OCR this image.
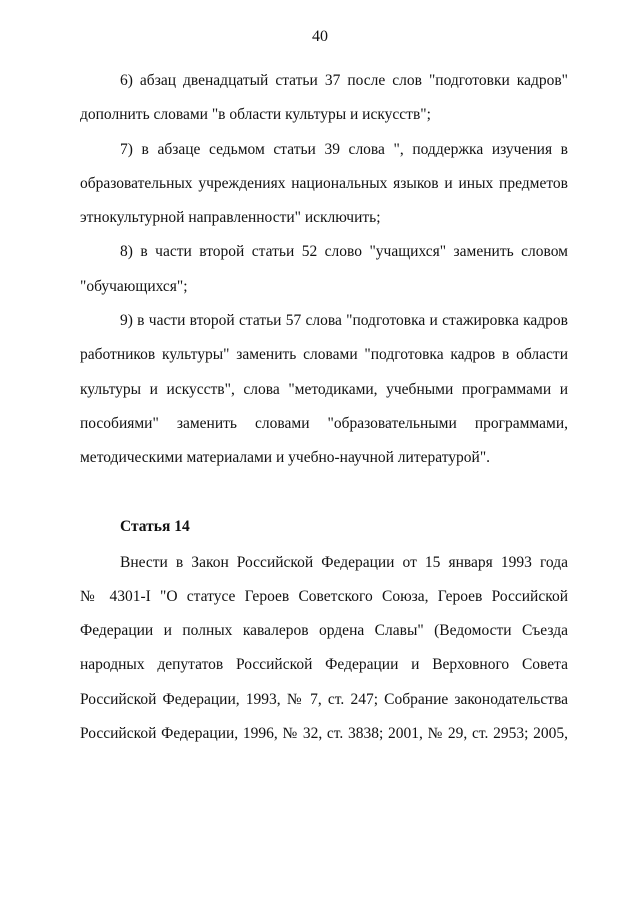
40
6) абзац двенадцатый статьи 37 после слов "подготовки кадров"
дополнить словами "в области культуры и искусств";
7) в абзаце седьмом статьи 39 слова ", поддержка изучения в
образовательных учреждениях национальных языков и иных предметов
этнокультурной направленности" исключить;
8) в части второй статьи 52 слово "учащихся" заменить словом
"обучающихся";
9) в части второй статьи 57 слова "подготовка и стажировка кадров
работников культуры" заменить словами "подготовка кадров в области
культуры и искусств", слова "методиками, учебными программами и
пособиями" заменить словами "образовательными программами,
методическими материалами и учебно-научной литературой".
Статья 14
Внести в Закон Российской Федерации от 15 января 1993 года
№ 4301-I "О статусе Героев Советского Союза, Героев Российской
Федерации и полных кавалеров ордена Славы" (Ведомости Съезда
народных депутатов Российской Федерации и Верховного Совета
Российской Федерации, 1993, № 7, ст. 247; Собрание законодательства
Российской Федерации, 1996, № 32, ст. 3838; 2001, № 29, ст. 2953; 2005,
